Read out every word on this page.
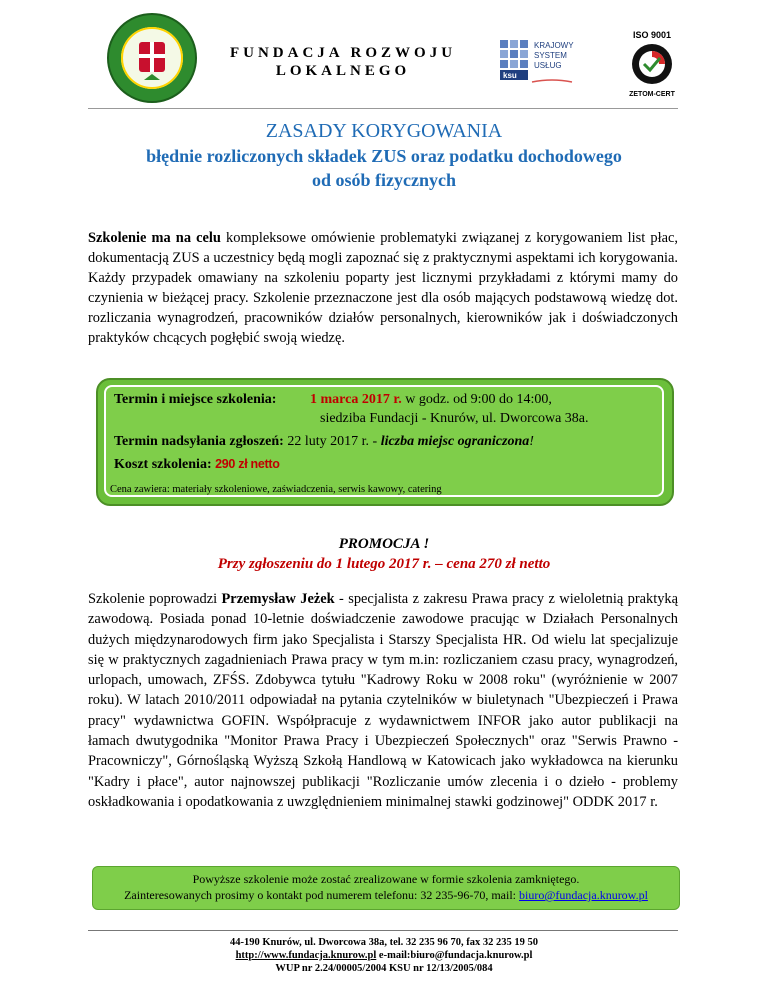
FUNDACJA ROZWOJU
LOKALNEGO	ksu
KRAJOWY
SYSTEM
USŁUG
ISO 9001
ZETOM-CERT
ZASADY KORYGOWANIA
błędnie rozliczonych składek ZUS oraz podatku dochodowego
od osób fizycznych
Szkolenie ma na celu kompleksowe omówienie problematyki związanej z korygowaniem list płac, dokumentacją ZUS a uczestnicy będą mogli zapoznać się z praktycznymi aspektami ich korygowania. Każdy przypadek omawiany na szkoleniu poparty jest licznymi przykładami z którymi mamy do czynienia w bieżącej pracy. Szkolenie przeznaczone jest dla osób mających podstawową wiedzę dot. rozliczania wynagrodzeń, pracowników działów personalnych, kierowników jak i doświadczonych praktyków chcących pogłębić swoją wiedzę.
Termin i miejsce szkolenia:	1 marca 2017 r. w godz. od 9:00 do 14:00,
siedziba Fundacji - Knurów, ul. Dworcowa 38a.
Termin nadsyłania zgłoszeń: 22 luty 2017 r. - liczba miejsc ograniczona!
Koszt szkolenia: 290 zł netto
Cena zawiera: materiały szkoleniowe, zaświadczenia, serwis kawowy, catering
PROMOCJA !
Przy zgłoszeniu do 1 lutego 2017 r. – cena 270 zł netto
Szkolenie poprowadzi Przemysław Jeżek - specjalista z zakresu Prawa pracy z wieloletnią praktyką zawodową. Posiada ponad 10-letnie doświadczenie zawodowe pracując w Działach Personalnych dużych międzynarodowych firm jako Specjalista i Starszy Specjalista HR. Od wielu lat specjalizuje się w praktycznych zagadnieniach Prawa pracy w tym m.in: rozliczaniem czasu pracy, wynagrodzeń, urlopach, umowach, ZFŚS. Zdobywca tytułu "Kadrowy Roku w 2008 roku" (wyróżnienie w 2007 roku). W latach 2010/2011 odpowiadał na pytania czytelników w biuletynach "Ubezpieczeń i Prawa pracy" wydawnictwa GOFIN. Współpracuje z wydawnictwem INFOR jako autor publikacji na łamach dwutygodnika "Monitor Prawa Pracy i Ubezpieczeń Społecznych" oraz "Serwis Prawno - Pracowniczy", Górnośląską Wyższą Szkołą Handlową w Katowicach jako wykładowca na kierunku "Kadry i płace", autor najnowszej publikacji "Rozliczanie umów zlecenia i o dzieło - problemy oskładkowania i opodatkowania z uwzględnieniem minimalnej stawki godzinowej" ODDK 2017 r.
Powyższe szkolenie może zostać zrealizowane w formie szkolenia zamkniętego.
Zainteresowanych prosimy o kontakt pod numerem telefonu: 32 235-96-70, mail: biuro@fundacja.knurow.pl
44-190 Knurów, ul. Dworcowa 38a, tel. 32 235 96 70, fax 32 235 19 50
http://www.fundacja.knurow.pl e-mail:biuro@fundacja.knurow.pl
WUP nr 2.24/00005/2004 KSU nr 12/13/2005/084
